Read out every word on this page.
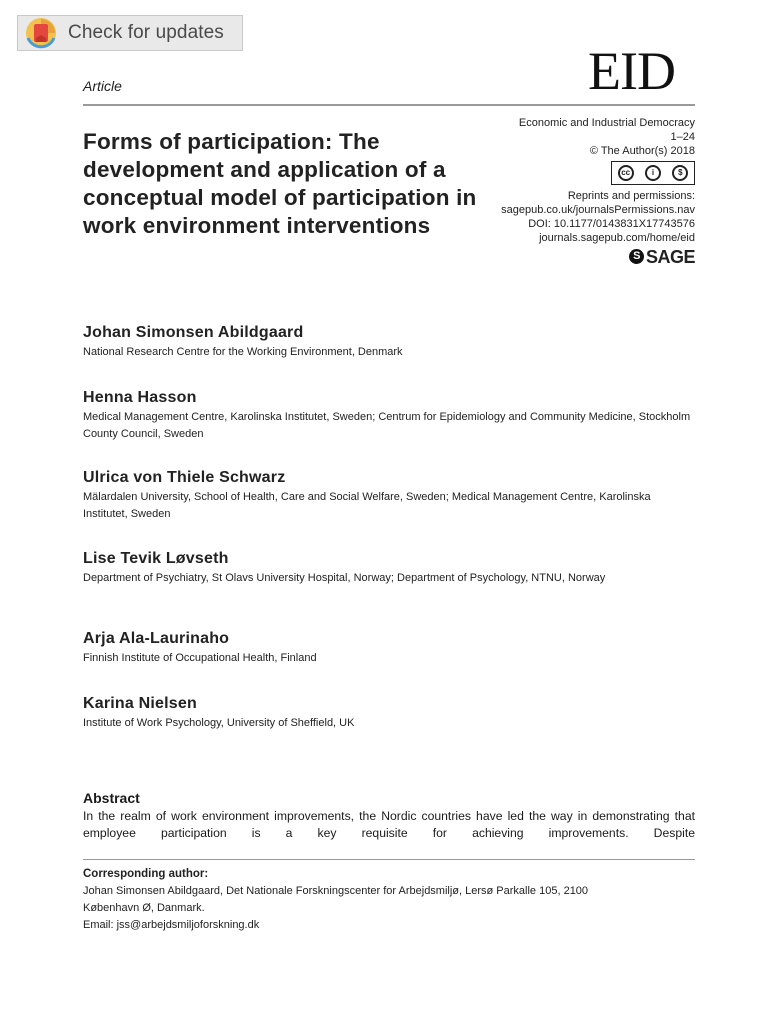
Check for updates
Article	EID
Forms of participation: The development and application of a conceptual model of participation in work environment interventions
Economic and Industrial Democracy
1–24
© The Author(s) 2018
cc	i	$
Reprints and permissions:
sagepub.co.uk/journalsPermissions.nav
DOI: 10.1177/0143831X17743576
journals.sagepub.com/home/eid
S SAGE
Johan Simonsen Abildgaard
National Research Centre for the Working Environment, Denmark
Henna Hasson
Medical Management Centre, Karolinska Institutet, Sweden; Centrum for Epidemiology and Community Medicine, Stockholm County Council, Sweden
Ulrica von Thiele Schwarz
Mälardalen University, School of Health, Care and Social Welfare, Sweden; Medical Management Centre, Karolinska Institutet, Sweden
Lise Tevik Løvseth
Department of Psychiatry, St Olavs University Hospital, Norway; Department of Psychology, NTNU, Norway
Arja Ala-Laurinaho
Finnish Institute of Occupational Health, Finland
Karina Nielsen
Institute of Work Psychology, University of Sheffield, UK
Abstract
In the realm of work environment improvements, the Nordic countries have led the way in demonstrating that employee participation is a key requisite for achieving improvements. Despite
Corresponding author:
Johan Simonsen Abildgaard, Det Nationale Forskningscenter for Arbejdsmiljø, Lersø Parkalle 105, 2100
København Ø, Danmark.
Email: jss@arbejdsmiljoforskning.dk
